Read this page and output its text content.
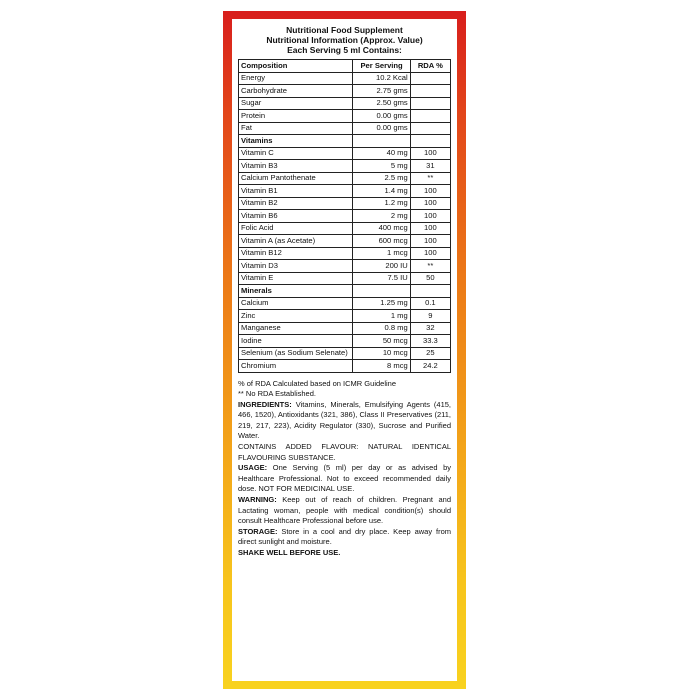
Nutritional Food Supplement
Nutritional Information (Approx. Value)
Each Serving 5 ml Contains:
Composition	Per Serving	RDA %
Energy	10.2 Kcal	
Carbohydrate	2.75 gms	
Sugar	2.50 gms	
Protein	0.00 gms	
Fat	0.00 gms	
Vitamins		
Vitamin C	40 mg	100
Vitamin B3	5 mg	31
Calcium Pantothenate	2.5 mg	**
Vitamin B1	1.4 mg	100
Vitamin B2	1.2 mg	100
Vitamin B6	2 mg	100
Folic Acid	400 mcg	100
Vitamin A (as Acetate)	600 mcg	100
Vitamin B12	1 mcg	100
Vitamin D3	200 IU	**
Vitamin E	7.5 IU	50
Minerals		
Calcium	1.25 mg	0.1
Zinc	1 mg	9
Manganese	0.8 mg	32
Iodine	50 mcg	33.3
Selenium (as Sodium Selenate)	10 mcg	25
Chromium	8 mcg	24.2

% of RDA Calculated based on ICMR Guideline

** No RDA Established.

INGREDIENTS: Vitamins, Minerals, Emulsifying Agents (415, 466, 1520), Antioxidants (321, 386), Class II Preservatives (211, 219, 217, 223), Acidity Regulator (330), Sucrose and Purified Water.

CONTAINS ADDED FLAVOUR: NATURAL IDENTICAL FLAVOURING SUBSTANCE.

USAGE: One Serving (5 ml) per day or as advised by Healthcare Professional. Not to exceed recommended daily dose. NOT FOR MEDICINAL USE.

WARNING: Keep out of reach of children. Pregnant and Lactating woman, people with medical condition(s) should consult Healthcare Professional before use.

STORAGE: Store in a cool and dry place. Keep away from direct sunlight and moisture.

SHAKE WELL BEFORE USE.
